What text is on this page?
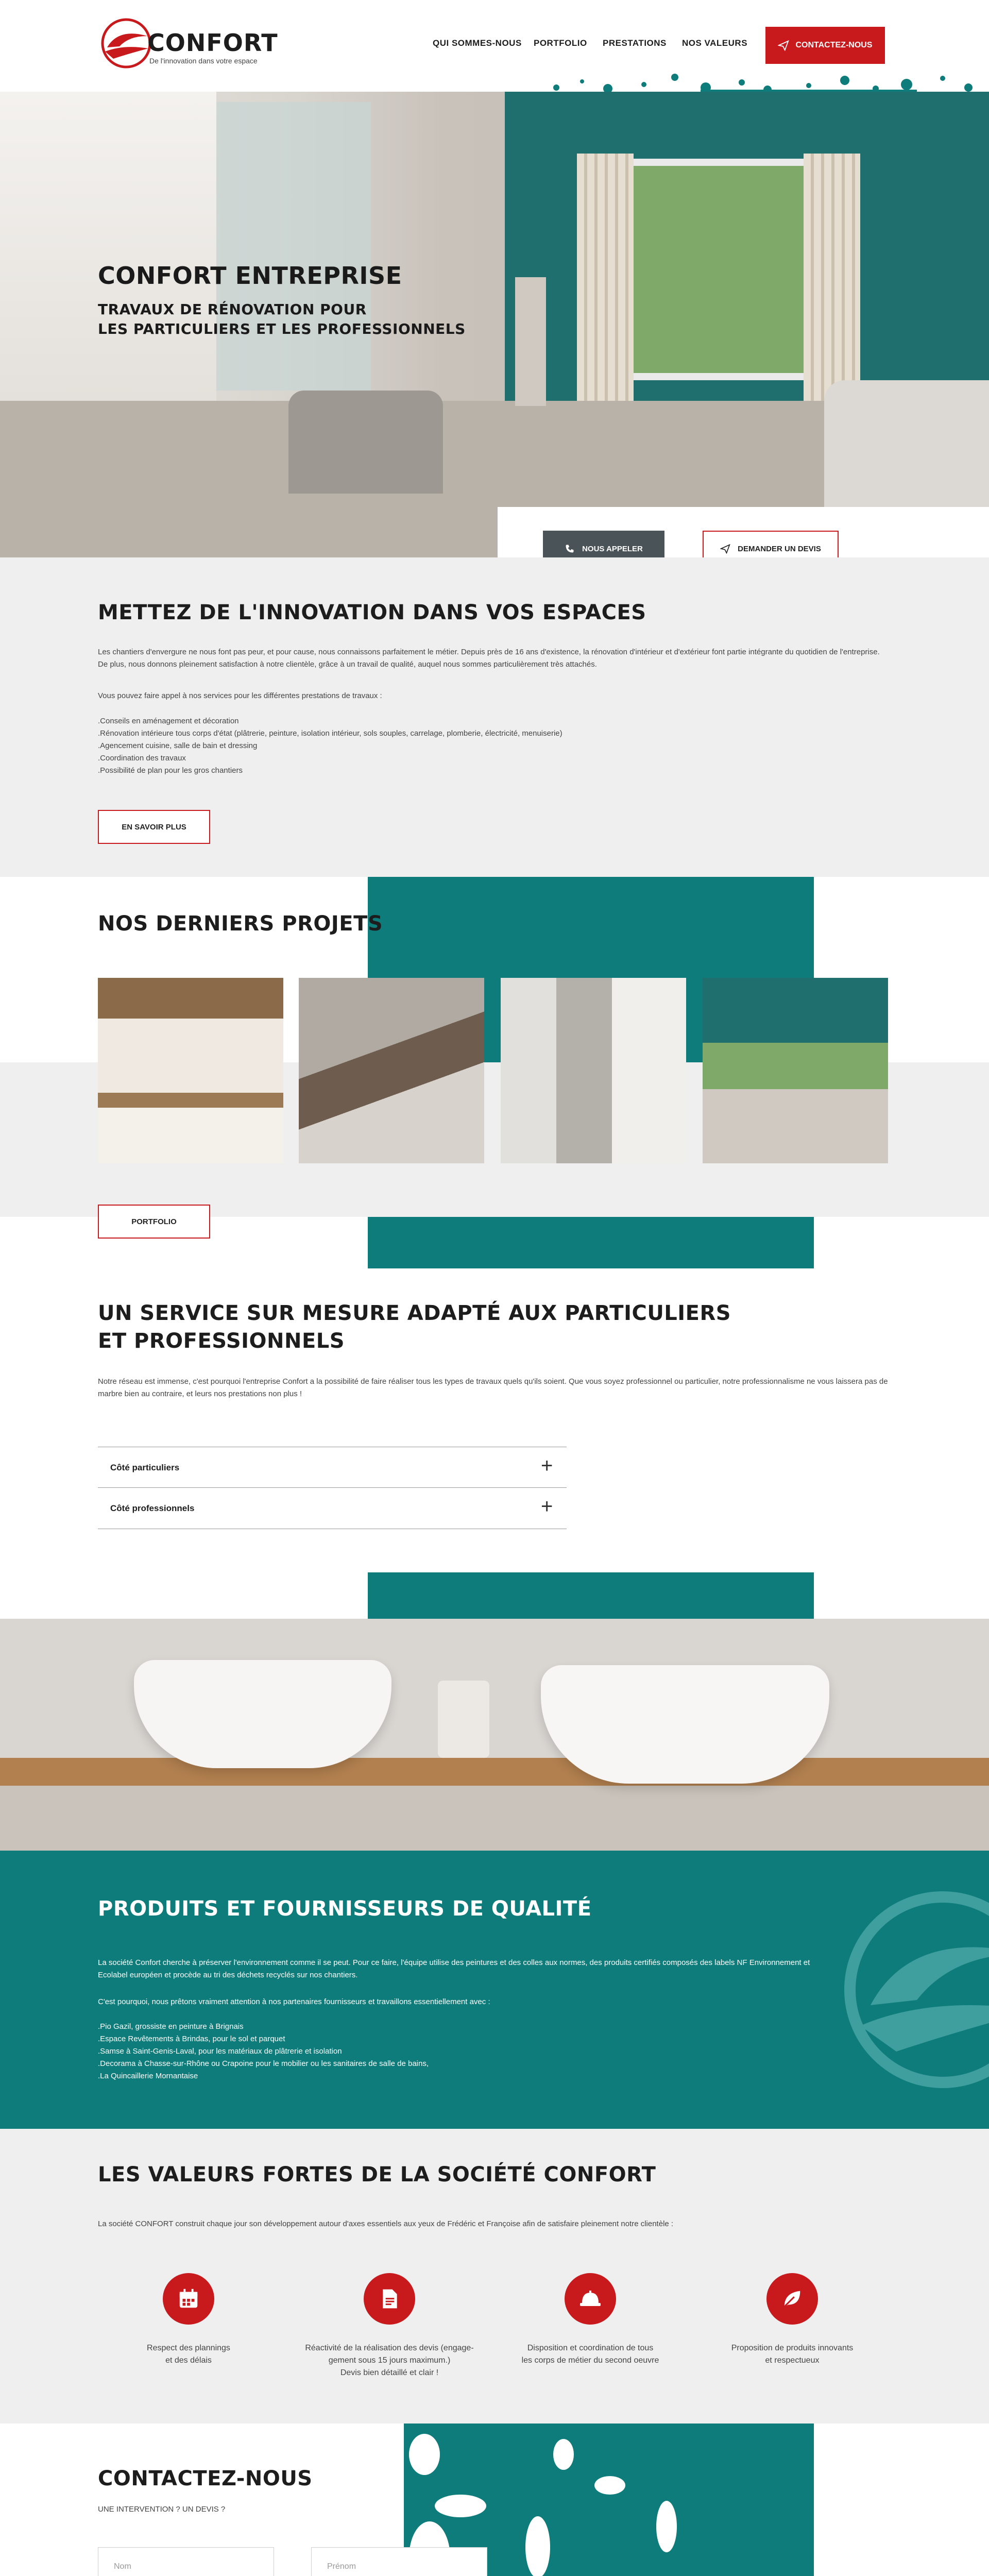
CONFORT
De l'innovation dans votre espace
QUI SOMMES-NOUS PORTFOLIO PRESTATIONS NOS VALEURS	CONTACTEZ-NOUS
CONFORT ENTREPRISE
TRAVAUX DE RÉNOVATION POUR
LES PARTICULIERS ET LES PROFESSIONNELS
NOUS APPELER	DEMANDER UN DEVIS
METTEZ DE L'INNOVATION DANS VOS ESPACES
Les chantiers d'envergure ne nous font pas peur, et pour cause, nous connaissons parfaitement le métier. Depuis près de 16 ans d'existence, la rénovation d'intérieur et d'extérieur font partie intégrante du quotidien de l'entreprise. De plus, nous donnons pleinement satisfaction à notre clientèle, grâce à un travail de qualité, auquel nous sommes particulièrement très attachés.
Vous pouvez faire appel à nos services pour les différentes prestations de travaux :
.Conseils en aménagement et décoration
.Rénovation intérieure tous corps d'état (plâtrerie, peinture, isolation intérieur, sols souples, carrelage, plomberie, électricité, menuiserie)
.Agencement cuisine, salle de bain et dressing
.Coordination des travaux
.Possibilité de plan pour les gros chantiers
EN SAVOIR PLUS
NOS DERNIERS PROJETS
PORTFOLIO
UN SERVICE SUR MESURE ADAPTÉ AUX PARTICULIERS
ET PROFESSIONNELS
Notre réseau est immense, c'est pourquoi l'entreprise Confort a la possibilité de faire réaliser tous les types de travaux quels qu'ils soient. Que vous soyez professionnel ou particulier, notre professionnalisme ne vous laissera pas de marbre bien au contraire, et leurs nos prestations non plus !
Côté particuliers	+
Côté professionnels	+
PRODUITS ET FOURNISSEURS DE QUALITÉ
La société Confort cherche à préserver l'environnement comme il se peut. Pour ce faire, l'équipe utilise des peintures et des colles aux normes, des produits certifiés composés des labels NF Environnement et Ecolabel européen et procède au tri des déchets recyclés sur nos chantiers.
C'est pourquoi, nous prêtons vraiment attention à nos partenaires fournisseurs et travaillons essentiellement avec :
.Pio Gazil, grossiste en peinture à Brignais
.Espace Revêtements à Brindas, pour le sol et parquet
.Samse à Saint-Genis-Laval, pour les matériaux de plâtrerie et isolation
.Decorama à Chasse-sur-Rhône ou Crapoine pour le mobilier ou les sanitaires de salle de bains,
.La Quincaillerie Mornantaise
LES VALEURS FORTES DE LA SOCIÉTÉ CONFORT
La société CONFORT construit chaque jour son développement autour d'axes essentiels aux yeux de Frédéric et Françoise afin de satisfaire pleinement notre clientèle :
Respect des plannings
et des délais
Réactivité de la réalisation des devis (engage-
gement sous 15 jours maximum.)
Devis bien détaillé et clair !
Disposition et coordination de tous
les corps de métier du second oeuvre
Proposition de produits innovants
et respectueux
CONTACTEZ-NOUS
UNE INTERVENTION ? UN DEVIS ?
Nom	Prénom
